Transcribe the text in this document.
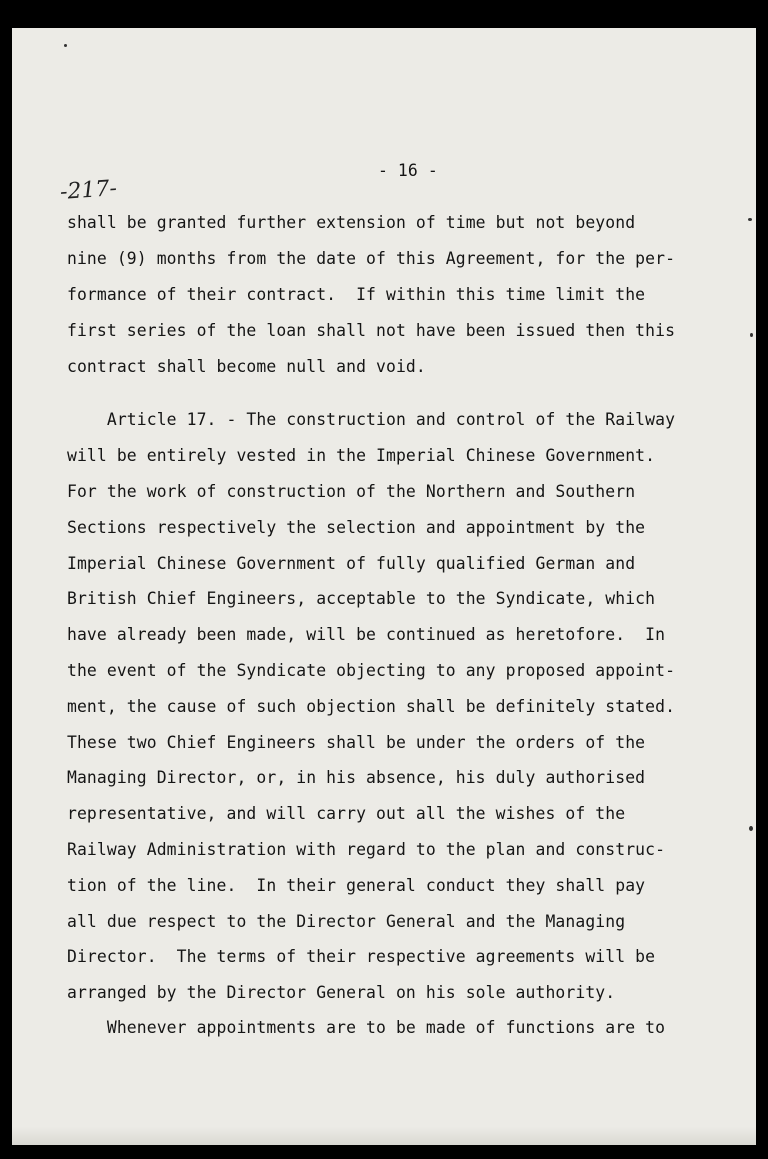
- 16 -
-217-
shall be granted further extension of time but not beyond
nine (9) months from the date of this Agreement, for the per-
formance of their contract.  If within this time limit the
first series of the loan shall not have been issued then this
contract shall become null and void.
Article 17. - The construction and control of the Railway
will be entirely vested in the Imperial Chinese Government.
For the work of construction of the Northern and Southern
Sections respectively the selection and appointment by the
Imperial Chinese Government of fully qualified German and
British Chief Engineers, acceptable to the Syndicate, which
have already been made, will be continued as heretofore.  In
the event of the Syndicate objecting to any proposed appoint-
ment, the cause of such objection shall be definitely stated.
These two Chief Engineers shall be under the orders of the
Managing Director, or, in his absence, his duly authorised
representative, and will carry out all the wishes of the
Railway Administration with regard to the plan and construc-
tion of the line.  In their general conduct they shall pay
all due respect to the Director General and the Managing
Director.  The terms of their respective agreements will be
arranged by the Director General on his sole authority.
Whenever appointments are to be made of functions are to
